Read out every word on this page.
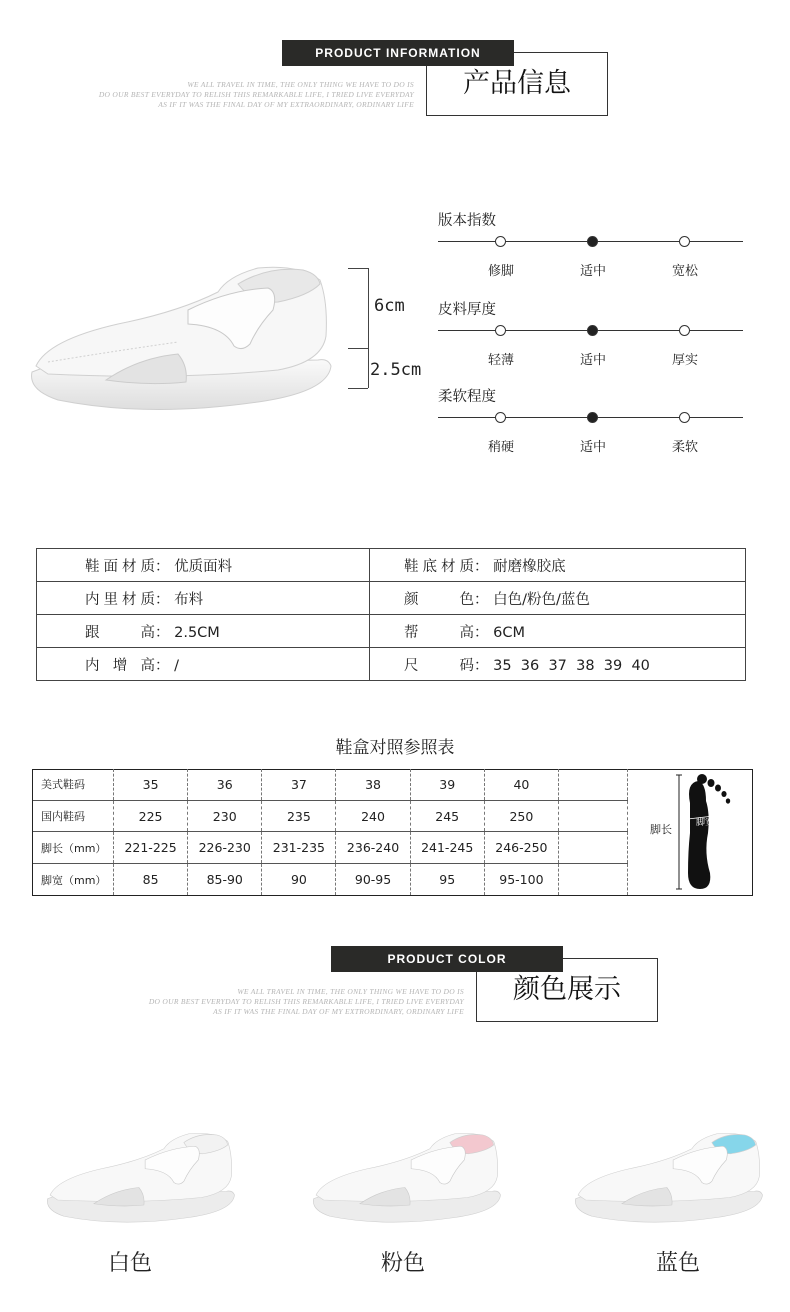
产品信息
PRODUCT INFORMATION
WE ALL TRAVEL IN TIME, THE ONLY THING WE HAVE TO DO IS
DO OUR BEST EVERYDAY TO RELISH THIS REMARKABLE LIFE, I TRIED LIVE EVERYDAY
AS IF IT WAS THE FINAL DAY OF MY EXTRAORDINARY, ORDINARY LIFE
6cm
2.5cm
版本指数
修脚	适中	宽松
皮料厚度
轻薄	适中	厚实
柔软程度
稍硬	适中	柔软
鞋面材质： 优质面料	鞋底材质： 耐磨橡胶底

内里材质： 布料	颜色： 白色/粉色/蓝色

跟高： 2.5CM	帮高： 6CM

内增高： /	尺码： 35  36  37  38  39  40
鞋盒对照参照表
美式鞋码	35	36	37	38	39	40		脚长 脚宽

国内鞋码	225	230	235	240	245	250		
脚长（mm）	221-225	226-230	231-235	236-240	241-245	246-250		
脚宽（mm）	85	85-90	90	90-95	95	95-100		
颜色展示
PRODUCT COLOR
WE ALL TRAVEL IN TIME, THE ONLY THING WE HAVE TO DO IS
DO OUR BEST EVERYDAY TO RELISH THIS REMARKABLE LIFE, I TRIED LIVE EVERYDAY
AS IF IT WAS THE FINAL DAY OF MY EXTRORDINARY, ORDINARY LIFE
白色	粉色	蓝色
